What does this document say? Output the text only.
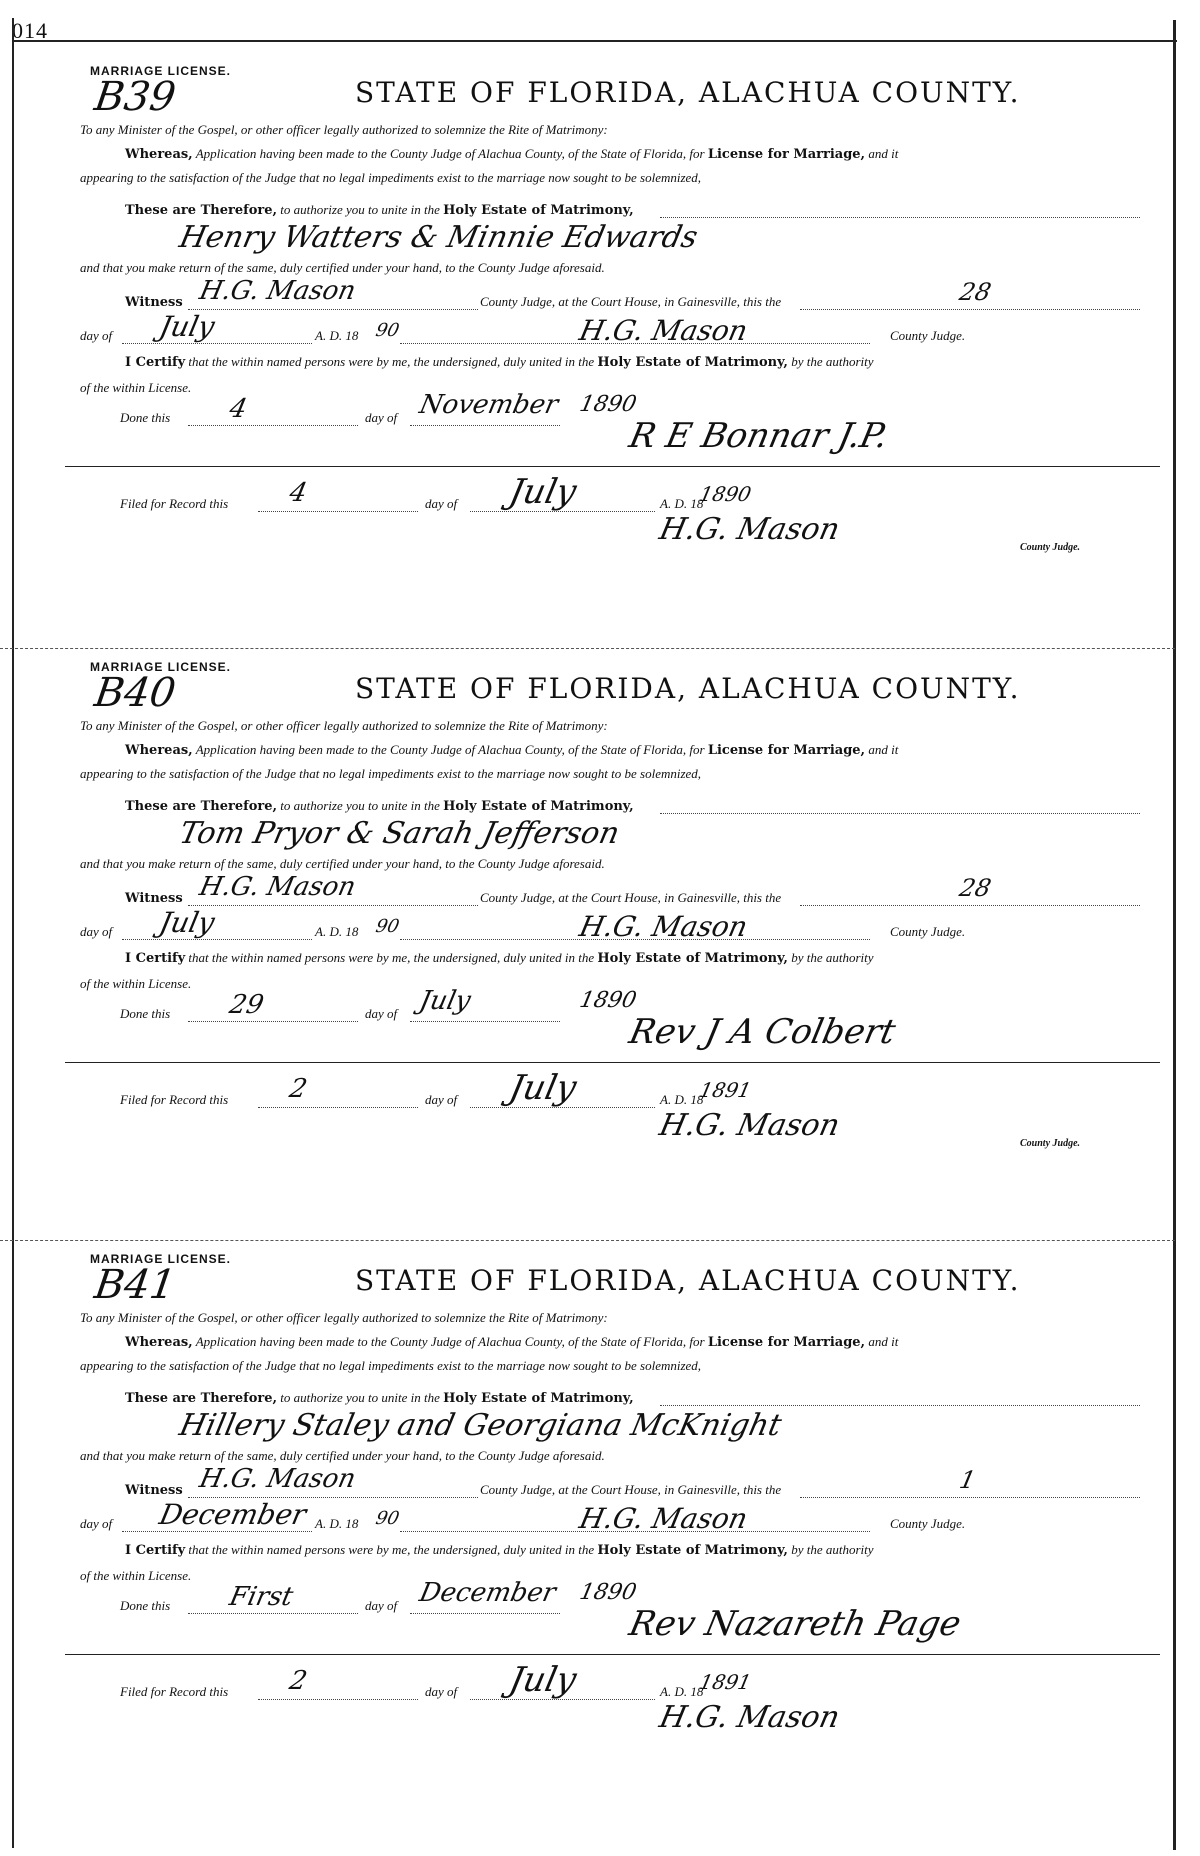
014
MARRIAGE LICENSE.
B39	STATE OF FLORIDA, ALACHUA COUNTY.
To any Minister of the Gospel, or other officer legally authorized to solemnize the Rite of Matrimony:
Whereas, Application having been made to the County Judge of Alachua County, of the State of Florida, for License for Marriage, and it
appearing to the satisfaction of the Judge that no legal impediments exist to the marriage now sought to be solemnized,
These are Therefore, to authorize you to unite in the Holy Estate of Matrimony,
Henry Watters & Minnie Edwards
and that you make return of the same, duly certified under your hand, to the County Judge aforesaid.
Witness H.G. Mason	County Judge, at the Court House, in Gainesville, this the	28
day of July	A. D. 18 90	H.G. Mason	County Judge.
I Certify that the within named persons were by me, the undersigned, duly united in the Holy Estate of Matrimony, by the authority
of the within License.
Done this 4	day of November 1890
R E Bonnar J.P.
Filed for Record this 4	day of July	A. D. 18
1890
H.G. Mason
County Judge.
MARRIAGE LICENSE.
B40	STATE OF FLORIDA, ALACHUA COUNTY.
To any Minister of the Gospel, or other officer legally authorized to solemnize the Rite of Matrimony:
Whereas, Application having been made to the County Judge of Alachua County, of the State of Florida, for License for Marriage, and it
appearing to the satisfaction of the Judge that no legal impediments exist to the marriage now sought to be solemnized,
These are Therefore, to authorize you to unite in the Holy Estate of Matrimony,
Tom Pryor & Sarah Jefferson
and that you make return of the same, duly certified under your hand, to the County Judge aforesaid.
Witness H.G. Mason	County Judge, at the Court House, in Gainesville, this the	28
day of July	A. D. 18 90	H.G. Mason	County Judge.
I Certify that the within named persons were by me, the undersigned, duly united in the Holy Estate of Matrimony, by the authority
of the within License.
Done this 29	day of July	1890
Rev J A Colbert
Filed for Record this 2	day of July	A. D. 18
1891
H.G. Mason
County Judge.
MARRIAGE LICENSE.
B41	STATE OF FLORIDA, ALACHUA COUNTY.
To any Minister of the Gospel, or other officer legally authorized to solemnize the Rite of Matrimony:
Whereas, Application having been made to the County Judge of Alachua County, of the State of Florida, for License for Marriage, and it
appearing to the satisfaction of the Judge that no legal impediments exist to the marriage now sought to be solemnized,
These are Therefore, to authorize you to unite in the Holy Estate of Matrimony,
Hillery Staley and Georgiana McKnight
and that you make return of the same, duly certified under your hand, to the County Judge aforesaid.
Witness H.G. Mason	County Judge, at the Court House, in Gainesville, this the	1
day of December A. D. 18 90	H.G. Mason	County Judge.
I Certify that the within named persons were by me, the undersigned, duly united in the Holy Estate of Matrimony, by the authority
of the within License.
Done this First	day of December 1890
Rev Nazareth Page
Filed for Record this 2	day of July	A. D. 18
1891
H.G. Mason
